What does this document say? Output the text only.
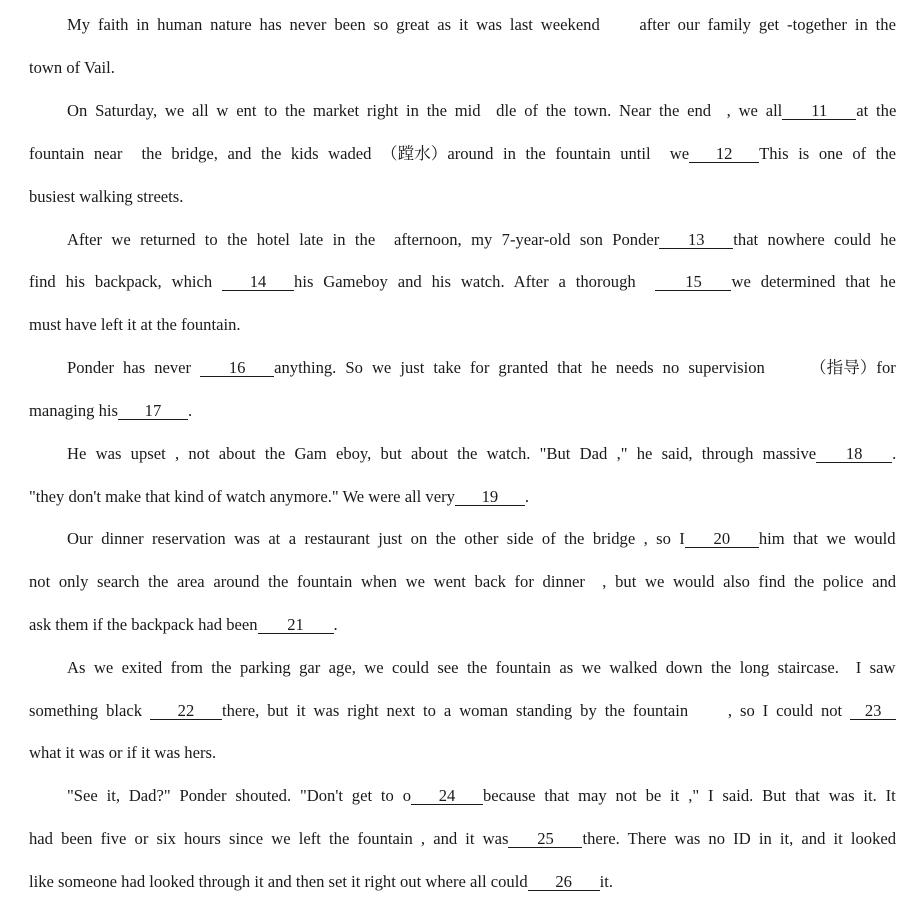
My faith in human nature has never been so great as it was last weekend     after our family get -together in the
town of Vail.
On Saturday, we all w ent to the market right in the mid  dle of the town. Near the end  , we all 11 at the
fountain near  the bridge, and the kids waded （蹚水）around in the fountain until  we 12 This is one of the
busiest walking streets.
After we returned to the hotel late in the  afternoon, my 7-year-old son Ponder 13 that nowhere could he
find his backpack, which 14 his Gameboy and his watch. After a thorough  15 we determined that he
must have left it at the fountain.
Ponder has never 16 anything. So we just take for granted that he needs no supervision     （指导）for
managing his 17 .
He was upset , not about the Gam eboy, but about the watch. "But Dad ," he said, through massive 18 .
"they don't make that kind of watch anymore." We were all very 19 .
Our dinner reservation was at a restaurant just on the other side of the bridge , so I 20 him that we would
not only search the area around the fountain when we went back for dinner  , but we would also find the police and
ask them if the backpack had been 21 .
As we exited from the parking gar age, we could see the fountain as we walked down the long staircase.  I saw
something black 22 there, but it was right next to a woman standing by the fountain     , so I could not 23
what it was or if it was hers.
"See it, Dad?" Ponder shouted. "Don't get to o 24 because that may not be it ," I said. But that was it. It
had been five or six hours since we left the fountain , and it was 25 there. There was no ID in it, and it looked
like someone had looked through it and then set it right out where all could 26 it.
